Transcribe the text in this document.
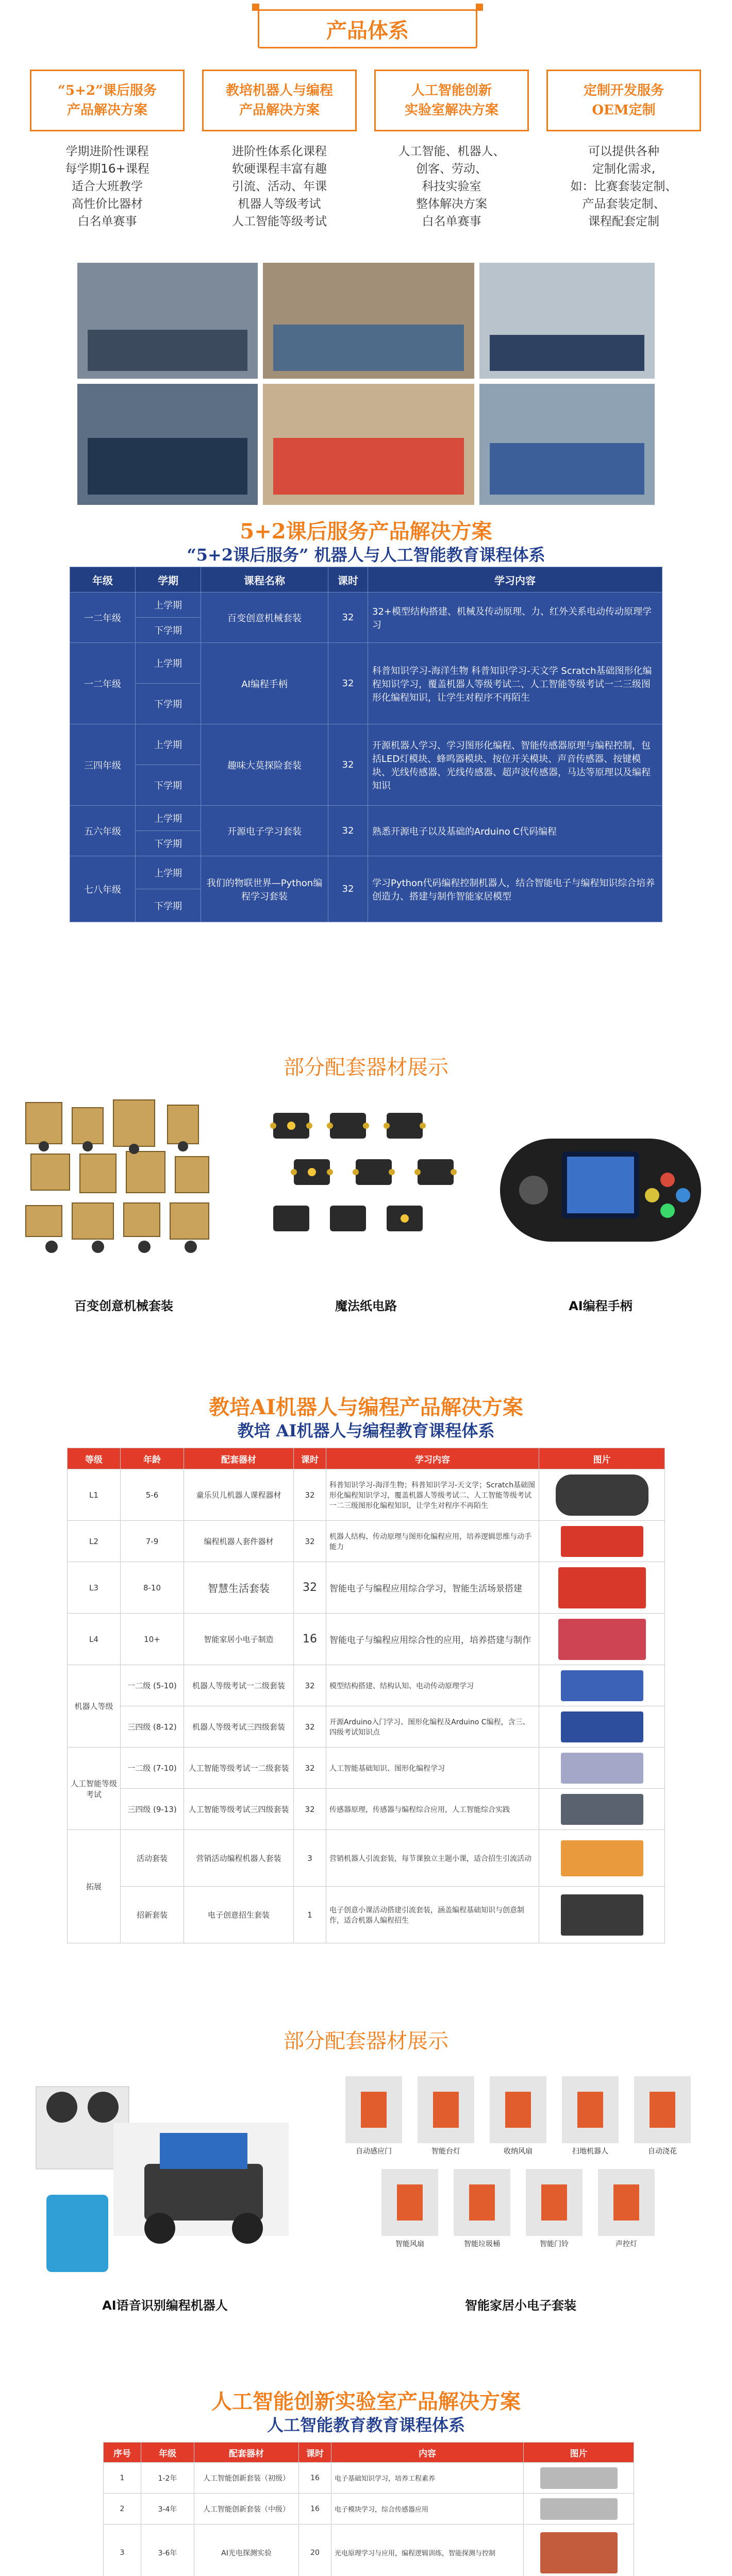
产品体系
“5+2”课后服务
产品解决方案
学期进阶性课程
每学期16+课程
适合大班教学
高性价比器材
白名单赛事
教培机器人与编程
产品解决方案
进阶性体系化课程
软硬课程丰富有趣
引流、活动、年课
机器人等级考试
人工智能等级考试
人工智能创新
实验室解决方案
人工智能、机器人、
创客、劳动、
科技实验室
整体解决方案
白名单赛事
定制开发服务
OEM定制
可以提供各种
定制化需求,
如：比赛套装定制、
产品套装定制、
课程配套定制
5+2课后服务产品解决方案
“5+2课后服务” 机器人与人工智能教育课程体系
年级	学期	课程名称	课时	学习内容
一二年级	上学期	百变创意机械套装	32	32+模型结构搭建、机械及传动原理、力、红外关系电动传动原理学习
	下学期			
一二年级	上学期	AI编程手柄	32	科普知识学习-海洋生物 科普知识学习-天文学 Scratch基础图形化编程知识学习，覆盖机器人等级考试二、人工智能等级考试一二三级图形化编程知识，让学生对程序不再陌生
	下学期			
三四年级	上学期	趣味大莫探险套装	32	开源机器人学习、学习图形化编程、智能传感器原理与编程控制，包括LED灯模块、蜂鸣器模块、按位开关模块、声音传感器、按键模块、光线传感器、光线传感器、超声波传感器，马达等原理以及编程知识
	下学期			
五六年级	上学期	开源电子学习套装	32	熟悉开源电子以及基础的Arduino C代码编程
	下学期			
七八年级	上学期	我们的物联世界—Python编程学习套装	32	学习Python代码编程控制机器人，结合智能电子与编程知识综合培养创造力、搭建与制作智能家居模型
	下学期			
部分配套器材展示
百变创意机械套装	魔法纸电路	AI编程手柄
教培AI机器人与编程产品解决方案
教培 AI机器人与编程教育课程体系
等级	年龄	配套器材	课时	学习内容	图片
L1	5-6	童乐贝儿机器人课程器材	32	科普知识学习-海洋生物；科普知识学习-天文学；Scratch基础图形化编程知识学习，覆盖机器人等级考试二、人工智能等级考试一二三级图形化编程知识，让学生对程序不再陌生	

L2	7-9	编程机器人套件器材	32	机器人结构、传动原理与图形化编程应用，培养逻辑思维与动手能力	

L3	8-10	智慧生活套装	32	智能电子与编程应用综合学习，智能生活场景搭建	

L4	10+	智能家居小电子制造	16	智能电子与编程应用综合性的应用，培养搭建与制作	

机器人等级	一二级 (5-10)	机器人等级考试一二级套装	32	模型结构搭建、结构认知、电动传动原理学习	

	三四级 (8-12)	机器人等级考试三四级套装	32	开源Arduino入门学习、图形化编程及Arduino C编程，含三、四级考试知识点	

人工智能等级考试	一二级 (7-10)	人工智能等级考试一二级套装	32	人工智能基础知识、图形化编程学习	

	三四级 (9-13)	人工智能等级考试三四级套装	32	传感器原理，传感器与编程综合应用，人工智能综合实践	

拓展	活动套装	营销活动编程机器人套装	3	营销机器人引流套装，每节课独立主题小课，适合招生引流活动	

	招新套装	电子创意招生套装	1	电子创意小课活动搭建引流套装，涵盖编程基础知识与创意制作，适合机器人编程招生	
部分配套器材展示
自动感应门	智能台灯	收纳风扇	扫地机器人	自动浇花
智能风扇	智能垃圾桶	智能门铃	声控灯
AI语音识别编程机器人	智能家居小电子套装
人工智能创新实验室产品解决方案
人工智能教育教育课程体系
序号	年级	配套器材	课时	内容	图片
1	1-2年	人工智能创新套装（初级）	16	电子基础知识学习，培养工程素养	

2	3-4年	人工智能创新套装（中级）	16	电子模块学习，综合传感器应用	

3	3-6年	AI光电探测实验	20	光电原理学习与应用，编程逻辑训练，智能探测与控制	
